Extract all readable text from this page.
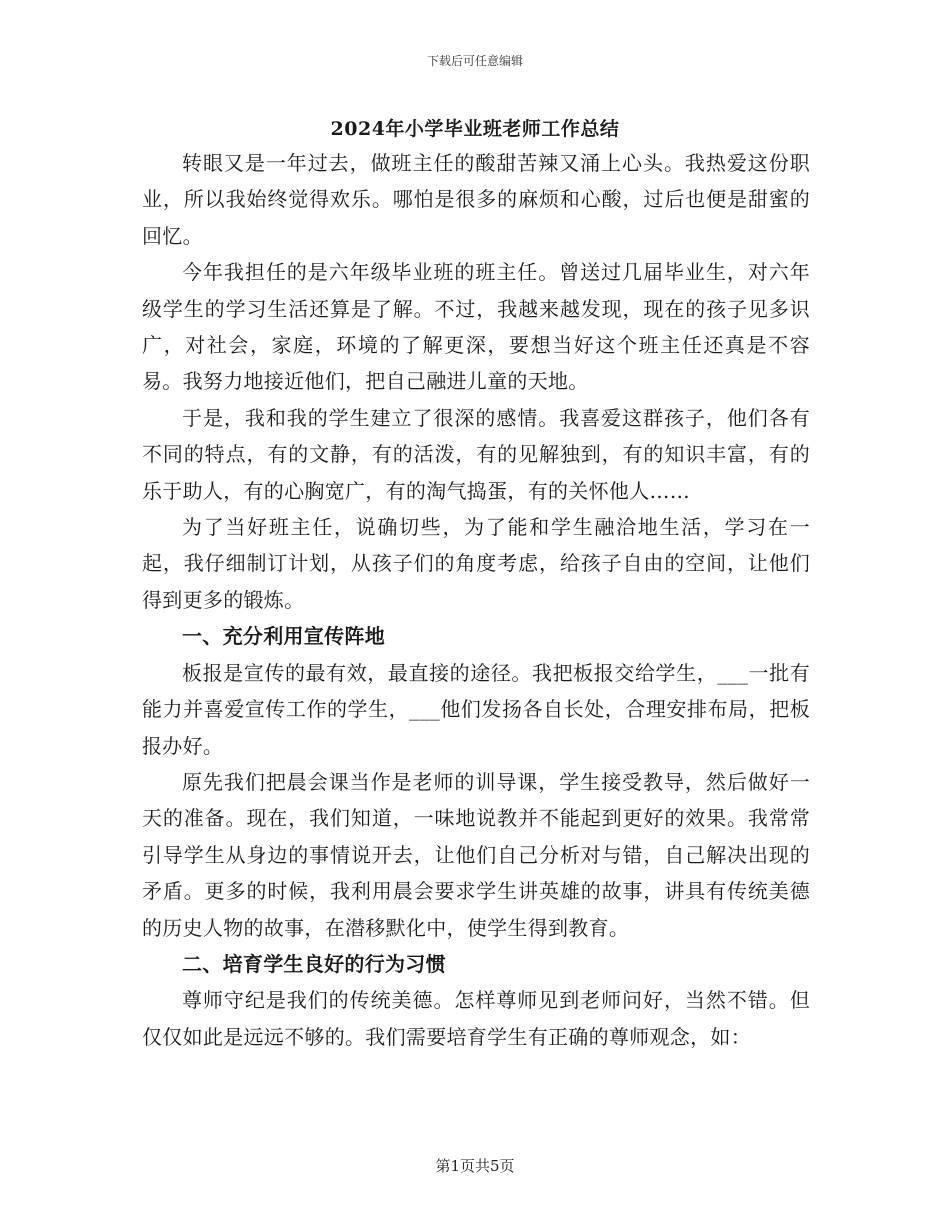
下载后可任意编辑
2024年小学毕业班老师工作总结

转眼又是一年过去，做班主任的酸甜苦辣又涌上心头。我热爱这份职业，所以我始终觉得欢乐。哪怕是很多的麻烦和心酸，过后也便是甜蜜的回忆。

今年我担任的是六年级毕业班的班主任。曾送过几届毕业生，对六年级学生的学习生活还算是了解。不过，我越来越发现，现在的孩子见多识广，对社会，家庭，环境的了解更深，要想当好这个班主任还真是不容易。我努力地接近他们，把自己融进儿童的天地。

于是，我和我的学生建立了很深的感情。我喜爱这群孩子，他们各有不同的特点，有的文静，有的活泼，有的见解独到，有的知识丰富，有的乐于助人，有的心胸宽广，有的淘气捣蛋，有的关怀他人……

为了当好班主任，说确切些，为了能和学生融洽地生活，学习在一起，我仔细制订计划，从孩子们的角度考虑，给孩子自由的空间，让他们得到更多的锻炼。

一、充分利用宣传阵地

板报是宣传的最有效，最直接的途径。我把板报交给学生，___一批有能力并喜爱宣传工作的学生，___他们发扬各自长处，合理安排布局，把板报办好。

原先我们把晨会课当作是老师的训导课，学生接受教导，然后做好一天的准备。现在，我们知道，一味地说教并不能起到更好的效果。我常常引导学生从身边的事情说开去，让他们自己分析对与错，自己解决出现的矛盾。更多的时候，我利用晨会要求学生讲英雄的故事，讲具有传统美德的历史人物的故事，在潜移默化中，使学生得到教育。

二、培育学生良好的行为习惯

尊师守纪是我们的传统美德。怎样尊师见到老师问好，当然不错。但仅仅如此是远远不够的。我们需要培育学生有正确的尊师观念，如：

第1页共5页
